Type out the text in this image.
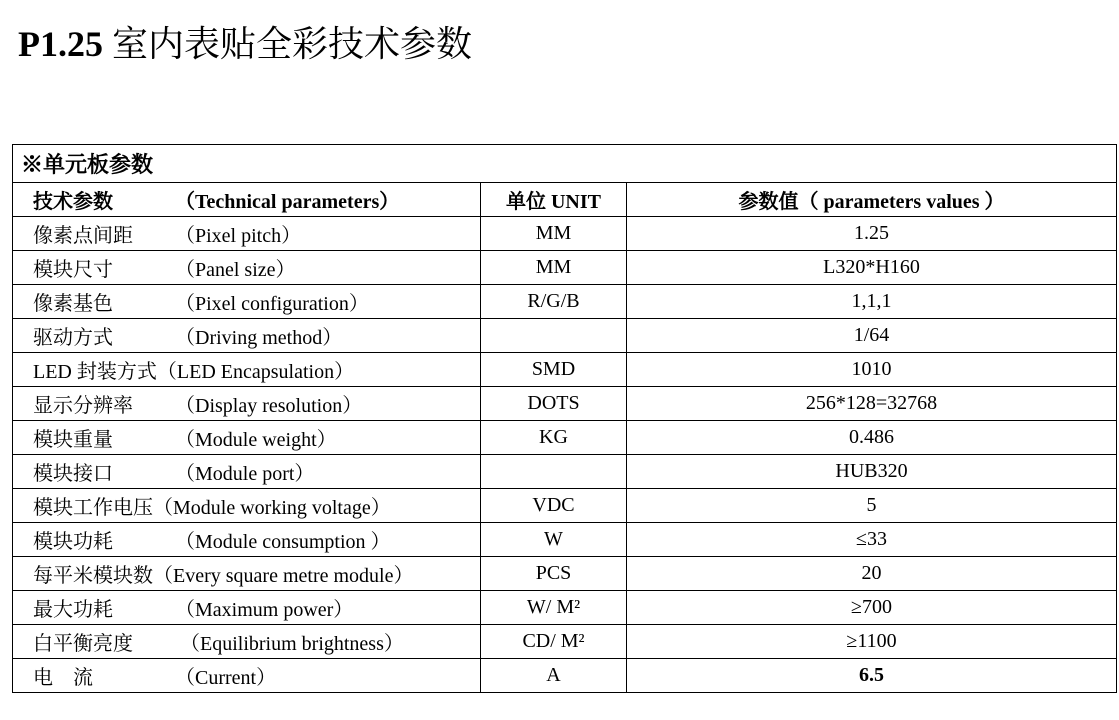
P1.25 室内表贴全彩技术参数
※单元板参数		
技术参数 （Technical parameters）	单位 UNIT	参数值（ parameters values ）
像素点间距 （Pixel pitch）	MM	1.25
模块尺寸 （Panel size）	MM	L320*H160
像素基色 （Pixel configuration）	R/G/B	1,1,1
驱动方式 （Driving method）		1/64
LED 封装方式（LED Encapsulation）	SMD	1010
显示分辨率 （Display resolution）	DOTS	256*128=32768
模块重量 （Module weight）	KG	0.486
模块接口 （Module port）		HUB320
模块工作电压（Module working voltage）	VDC	5
模块功耗 （Module consumption ）	W	≤33
每平米模块数（Every square metre module）	PCS	20
最大功耗 （Maximum power）	W/ M²	≥700
白平衡亮度 （Equilibrium brightness）	CD/ M²	≥1100
电    流 （Current）	A	6.5
